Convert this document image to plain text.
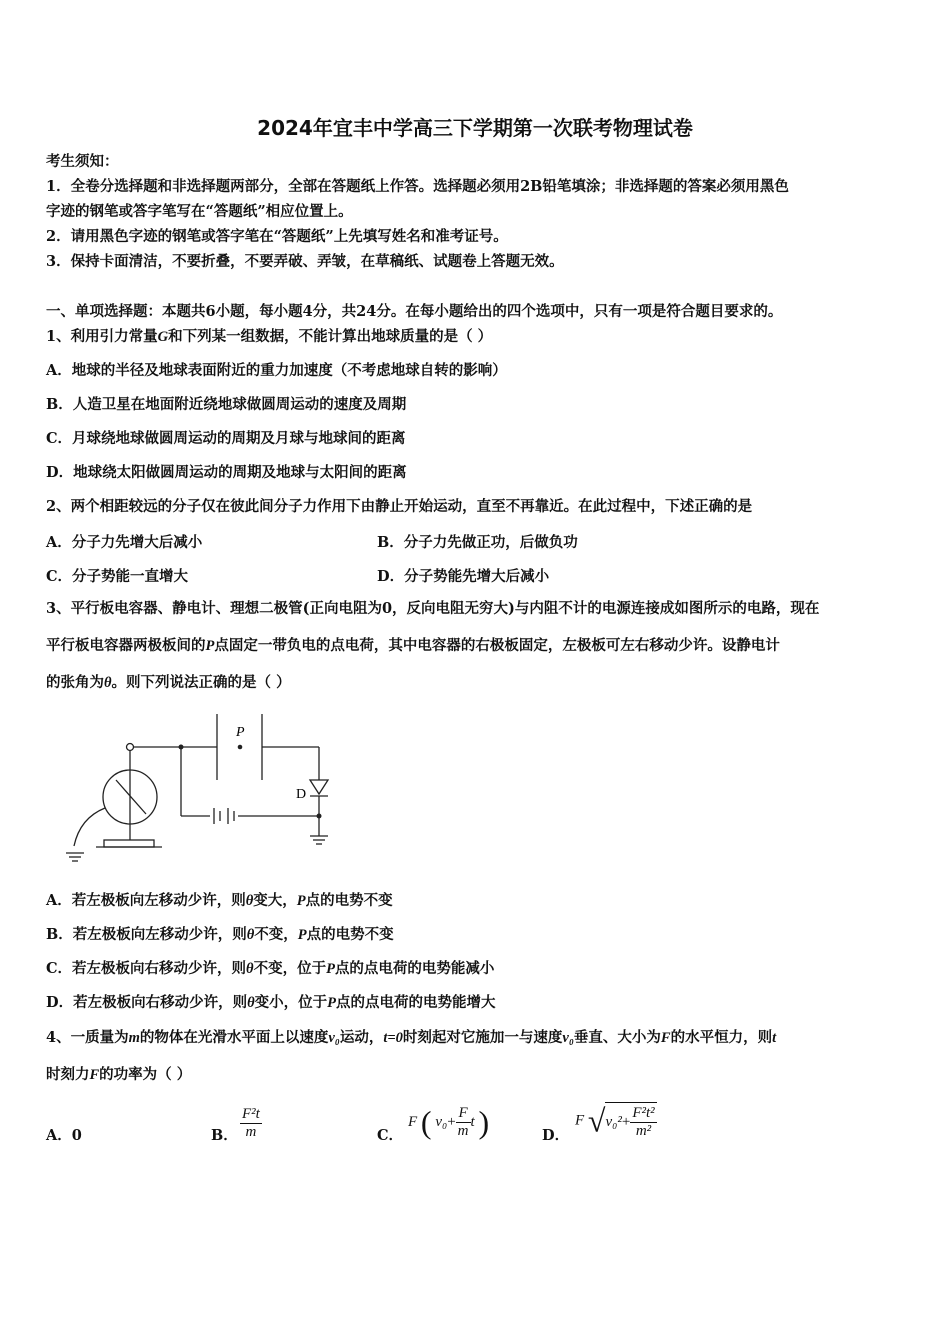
2024年宜丰中学高三下学期第一次联考物理试卷
考生须知：
1．全卷分选择题和非选择题两部分，全部在答题纸上作答。选择题必须用2B铅笔填涂；非选择题的答案必须用黑色
字迹的钢笔或答字笔写在“答题纸”相应位置上。
2．请用黑色字迹的钢笔或答字笔在“答题纸”上先填写姓名和准考证号。
3．保持卡面清洁，不要折叠，不要弄破、弄皱，在草稿纸、试题卷上答题无效。
一、单项选择题：本题共6小题，每小题4分，共24分。在每小题给出的四个选项中，只有一项是符合题目要求的。
1、利用引力常量G和下列某一组数据，不能计算出地球质量的是（ ）
A．地球的半径及地球表面附近的重力加速度（不考虑地球自转的影响）
B．人造卫星在地面附近绕地球做圆周运动的速度及周期
C．月球绕地球做圆周运动的周期及月球与地球间的距离
D．地球绕太阳做圆周运动的周期及地球与太阳间的距离
2、两个相距较远的分子仅在彼此间分子力作用下由静止开始运动，直至不再靠近。在此过程中，下述正确的是
A．分子力先增大后减小	B．分子力先做正功，后做负功
C．分子势能一直增大	D．分子势能先增大后减小
3、平行板电容器、静电计、理想二极管(正向电阻为0，反向电阻无穷大)与内阻不计的电源连接成如图所示的电路，现在
平行板电容器两极板间的P点固定一带负电的点电荷，其中电容器的右极板固定，左极板可左右移动少许。设静电计
的张角为θ。则下列说法正确的是（ ）
P
D
A．若左极板向左移动少许，则θ变大，P点的电势不变
B．若左极板向左移动少许，则θ不变，P点的电势不变
C．若左极板向右移动少许，则θ不变，位于P点的点电荷的电势能减小
D．若左极板向右移动少许，则θ变小，位于P点的点电荷的电势能增大
4、一质量为m的物体在光滑水平面上以速度v₀运动，t=0时刻起对它施加一与速度v₀垂直、大小为F的水平恒力，则t
时刻力F的功率为（ ）
A．0	B． $\frac{\text{F²t}}{m}$	C．
F ( $v_0+ \frac{F}{m}$ t )	D．
F $√v_0^2+ \frac{\text{F²t²}}{\text{m²}}$
